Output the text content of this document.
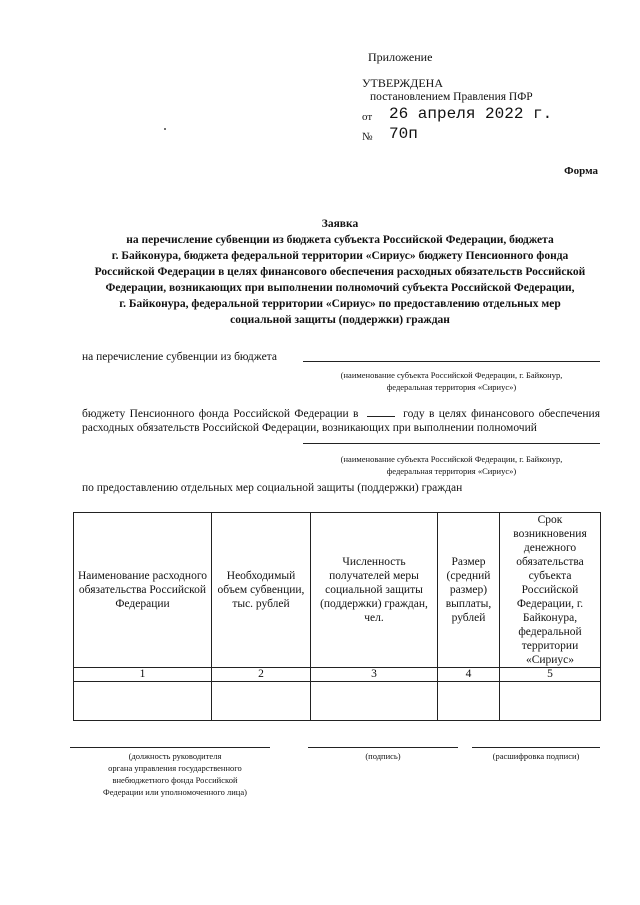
Приложение
УТВЕРЖДЕНА
постановлением Правления ПФР
от 26 апреля 2022 г.
№ 70п
Форма
Заявка
на перечисление субвенции из бюджета субъекта Российской Федерации, бюджета
г. Байконура, бюджета федеральной территории «Сириус» бюджету Пенсионного фонда
Российской Федерации в целях финансового обеспечения расходных обязательств Российской
Федерации, возникающих при выполнении полномочий субъекта Российской Федерации,
г. Байконура, федеральной территории «Сириус» по предоставлению отдельных мер
социальной защиты (поддержки) граждан
на перечисление субвенции из бюджета
(наименование субъекта Российской Федерации, г. Байконур,
федеральная территория «Сириус»)
бюджету Пенсионного фонда Российской Федерации в	году в целях финансового обеспечения расходных обязательств Российской Федерации, возникающих при выполнении полномочий
(наименование субъекта Российской Федерации, г. Байконур,
федеральная территория «Сириус»)
по предоставлению отдельных мер социальной защиты (поддержки) граждан
Наименование расходного обязательства Российской Федерации	Необходимый объем субвенции, тыс. рублей	Численность получателей меры социальной защиты (поддержки) граждан, чел.	Размер (средний размер) выплаты, рублей	Срок возникновения денежного обязательства субъекта Российской Федерации, г. Байконура, федеральной территории «Сириус»
1	2	3	4	5

(должность руководителя
органа управления государственного
внебюджетного фонда Российской
Федерации или уполномоченного лица)
(подпись)	(расшифровка подписи)
